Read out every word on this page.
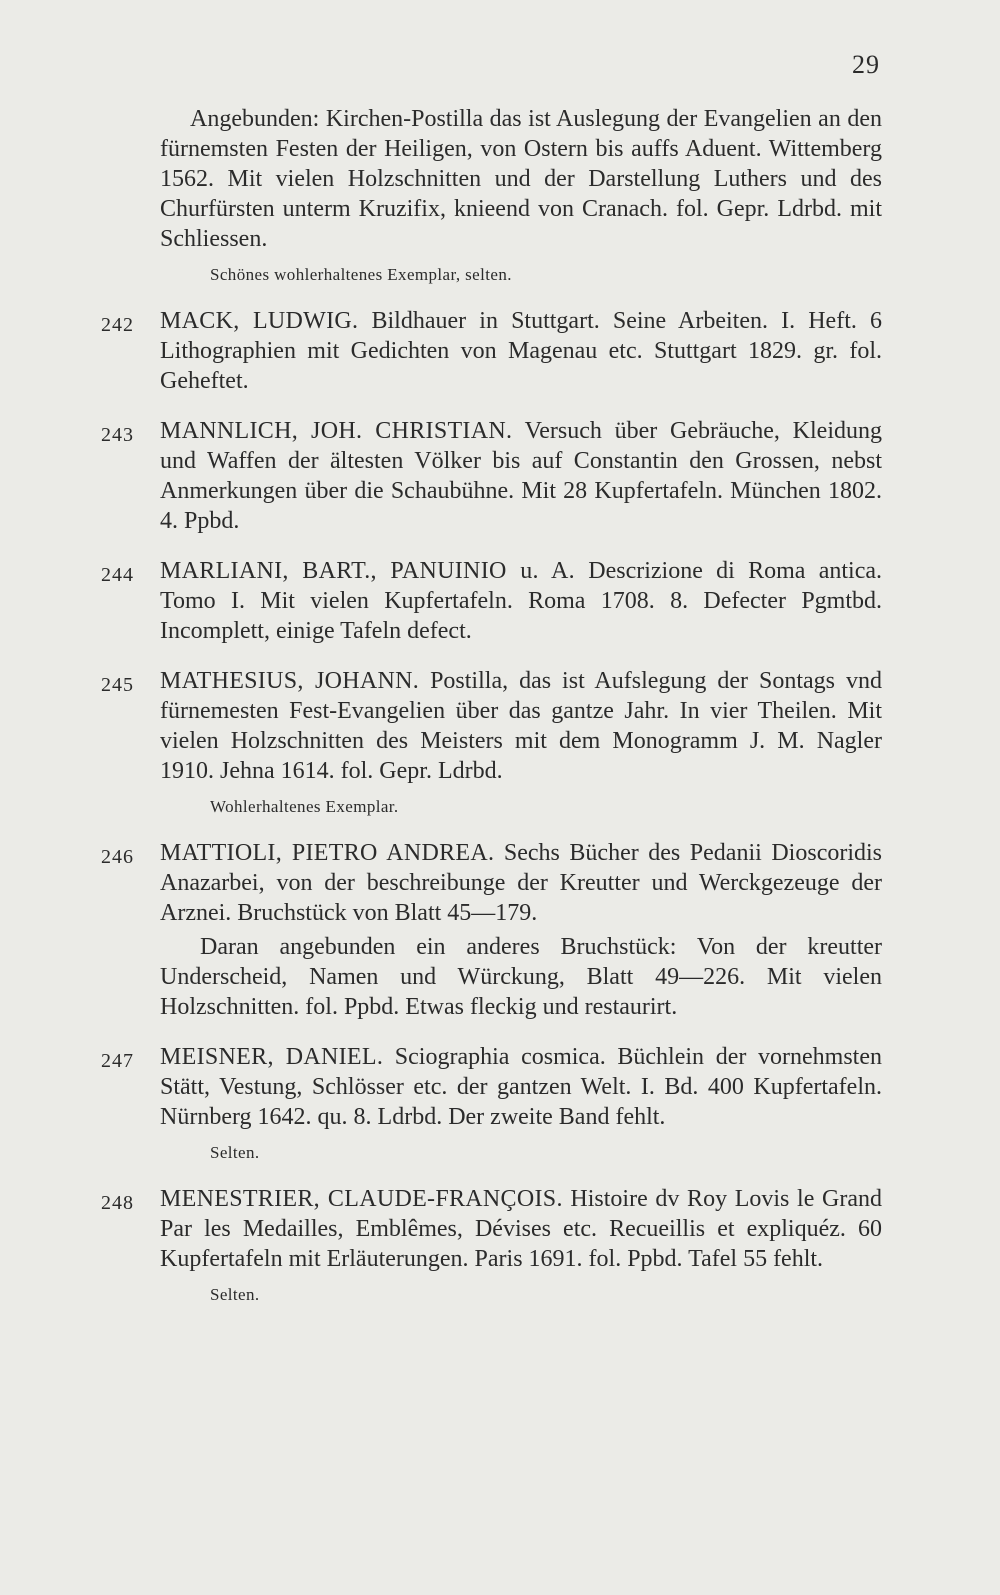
29

Angebunden: Kirchen-Postilla das ist Auslegung der Evangelien an den fürnemsten Festen der Heiligen, von Ostern bis auffs Aduent. Wittemberg 1562. Mit vielen Holzschnitten und der Darstellung Luthers und des Churfürsten unterm Kruzifix, knieend von Cranach. fol. Gepr. Ldrbd. mit Schliessen.

Schönes wohlerhaltenes Exemplar, selten.
242 MACK, LUDWIG. Bildhauer in Stuttgart. Seine Arbeiten. I. Heft. 6 Lithographien mit Gedichten von Magenau etc. Stuttgart 1829. gr. fol. Geheftet.

243 MANNLICH, JOH. CHRISTIAN. Versuch über Gebräuche, Kleidung und Waffen der ältesten Völker bis auf Constantin den Grossen, nebst Anmerkungen über die Schaubühne. Mit 28 Kupfertafeln. München 1802. 4. Ppbd.

244 MARLIANI, BART., PANUINIO u. A. Descrizione di Roma antica. Tomo I. Mit vielen Kupfertafeln. Roma 1708. 8. Defecter Pgmtbd. Incomplett, einige Tafeln defect.

245 MATHESIUS, JOHANN. Postilla, das ist Aufslegung der Sontags vnd fürnemesten Fest-Evangelien über das gantze Jahr. In vier Theilen. Mit vielen Holzschnitten des Meisters mit dem Monogramm J. M. Nagler 1910. Jehna 1614. fol. Gepr. Ldrbd.

Wohlerhaltenes Exemplar.
246 MATTIOLI, PIETRO ANDREA. Sechs Bücher des Pedanii Dioscoridis Anazarbei, von der beschreibunge der Kreutter und Werckgezeuge der Arznei. Bruchstück von Blatt 45—179.

Daran angebunden ein anderes Bruchstück: Von der kreutter Underscheid, Namen und Würckung, Blatt 49—226. Mit vielen Holzschnitten. fol. Ppbd. Etwas fleckig und restaurirt.

247 MEISNER, DANIEL. Sciographia cosmica. Büchlein der vornehmsten Stätt, Vestung, Schlösser etc. der gantzen Welt. I. Bd. 400 Kupfertafeln. Nürnberg 1642. qu. 8. Ldrbd. Der zweite Band fehlt.

Selten.
248 MENESTRIER, CLAUDE-FRANÇOIS. Histoire dv Roy Lovis le Grand Par les Medailles, Emblêmes, Dévises etc. Recueillis et expliquéz. 60 Kupfertafeln mit Erläuterungen. Paris 1691. fol. Ppbd. Tafel 55 fehlt.

Selten.
